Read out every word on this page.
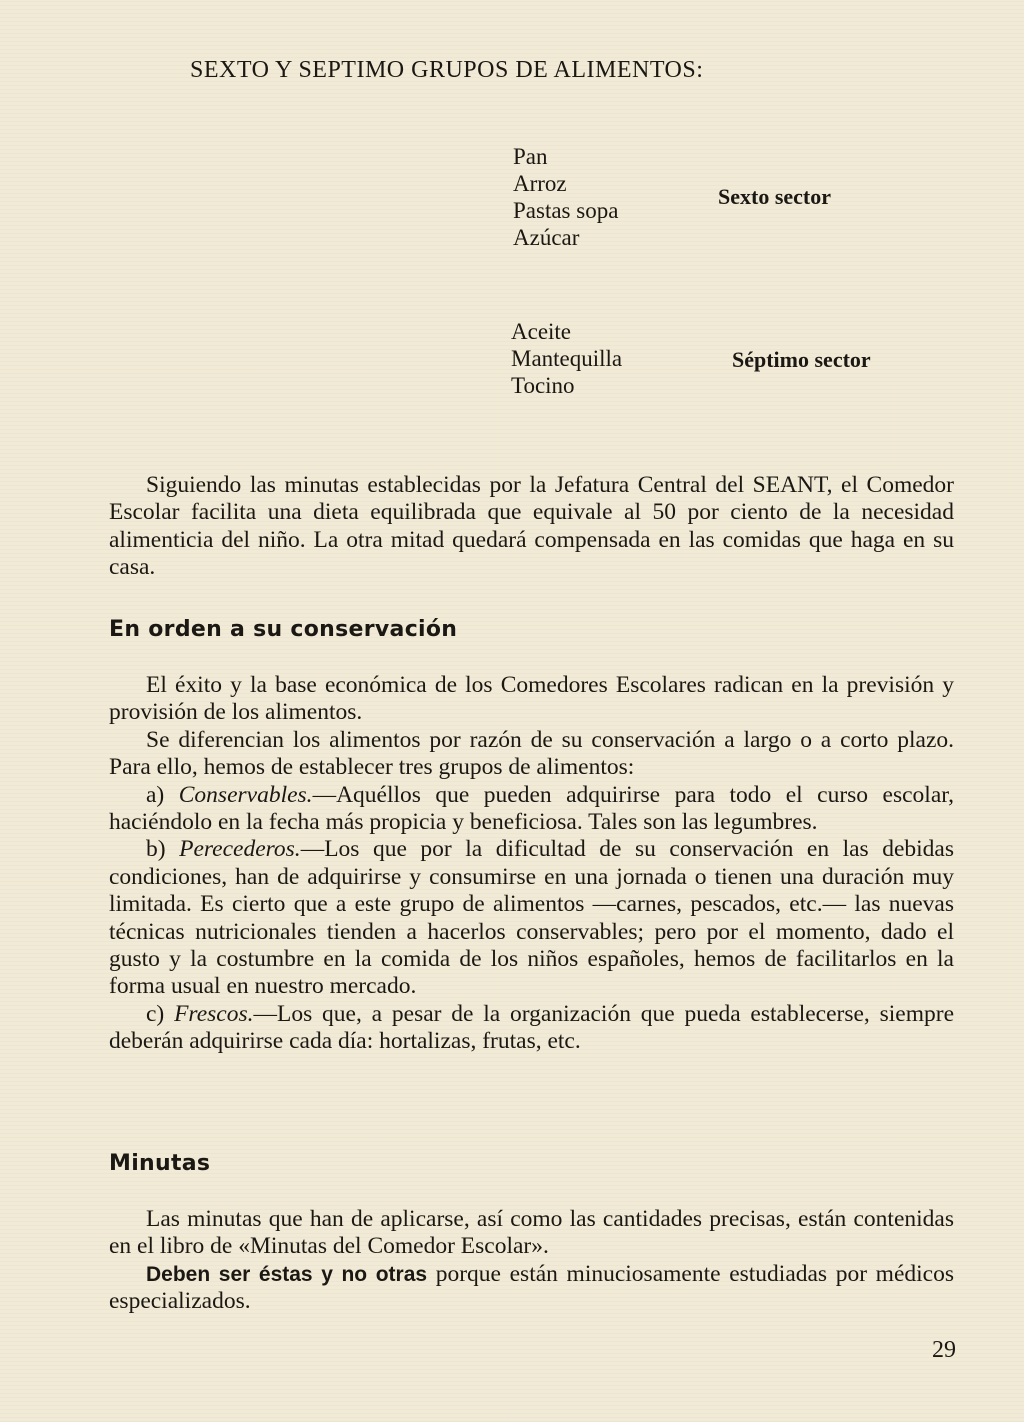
SEXTO Y SEPTIMO GRUPOS DE ALIMENTOS:
Pan
Arroz
Pastas sopa
Azúcar
Sexto sector
Aceite
Mantequilla
Tocino
Séptimo sector

Siguiendo las minutas establecidas por la Jefatura Central del SEANT, el Comedor Escolar facilita una dieta equilibrada que equivale al 50 por ciento de la necesidad alimenticia del niño. La otra mitad quedará compensada en las comidas que haga en su casa.

En orden a su conservación

El éxito y la base económica de los Comedores Escolares radican en la previsión y provisión de los alimentos.

Se diferencian los alimentos por razón de su conservación a largo o a corto plazo. Para ello, hemos de establecer tres grupos de alimentos:

a) Conservables.—Aquéllos que pueden adquirirse para todo el curso escolar, haciéndolo en la fecha más propicia y beneficiosa. Tales son las legumbres.

b) Perecederos.—Los que por la dificultad de su conservación en las debidas condiciones, han de adquirirse y consumirse en una jornada o tienen una duración muy limitada. Es cierto que a este grupo de alimentos —carnes, pescados, etc.— las nuevas técnicas nutricionales tienden a hacerlos conservables; pero por el momento, dado el gusto y la costumbre en la comida de los niños españoles, hemos de facilitarlos en la forma usual en nuestro mercado.

c) Frescos.—Los que, a pesar de la organización que pueda establecerse, siempre deberán adquirirse cada día: hortalizas, frutas, etc.

Minutas

Las minutas que han de aplicarse, así como las cantidades precisas, están contenidas en el libro de «Minutas del Comedor Escolar».

Deben ser éstas y no otras porque están minuciosamente estudiadas por médicos especializados.

29
